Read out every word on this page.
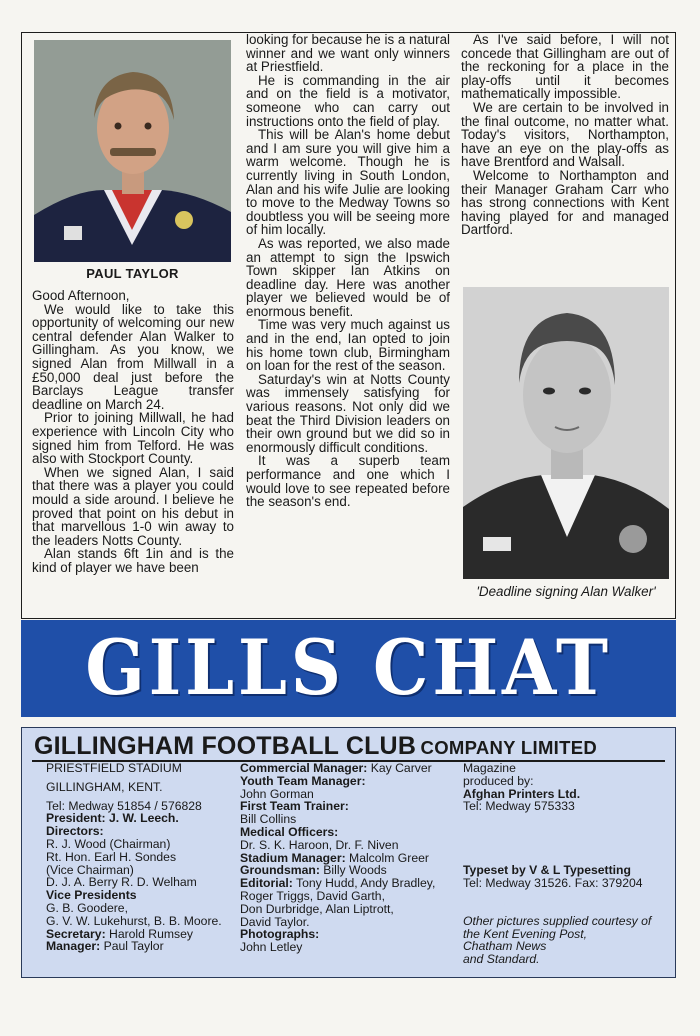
PAUL TAYLOR

Good Afternoon,

We would like to take this opportunity of welcoming our new central defender Alan Walker to Gillingham. As you know, we signed Alan from Millwall in a £50,000 deal just before the Barclays League transfer deadline on March 24.

Prior to joining Millwall, he had experience with Lincoln City who signed him from Telford. He was also with Stockport County.

When we signed Alan, I said that there was a player you could mould a side around. I believe he proved that point on his debut in that marvellous 1-0 win away to the leaders Notts County.

Alan stands 6ft 1in and is the kind of player we have been

looking for because he is a natural winner and we want only winners at Priestfield.

He is commanding in the air and on the field is a motivator, someone who can carry out instructions onto the field of play.

This will be Alan's home debut and I am sure you will give him a warm welcome. Though he is currently living in South London, Alan and his wife Julie are looking to move to the Medway Towns so doubtless you will be seeing more of him locally.

As was reported, we also made an attempt to sign the Ipswich Town skipper Ian Atkins on deadline day. Here was another player we believed would be of enormous benefit.

Time was very much against us and in the end, Ian opted to join his home town club, Birmingham on loan for the rest of the season.

Saturday's win at Notts County was immensely satisfying for various reasons. Not only did we beat the Third Division leaders on their own ground but we did so in enormously difficult conditions.

It was a superb team performance and one which I would love to see repeated before the season's end.

As I've said before, I will not concede that Gillingham are out of the reckoning for a place in the play-offs until it becomes mathematically impossible.

We are certain to be involved in the final outcome, no matter what. Today's visitors, Northampton, have an eye on the play-offs as have Brentford and Walsall.

Welcome to Northampton and their Manager Graham Carr who has strong connections with Kent having played for and managed Dartford.

'Deadline signing Alan Walker'
GILLS CHAT
GILLINGHAM FOOTBALL CLUB COMPANY LIMITED
PRIESTFIELD STADIUM
GILLINGHAM, KENT.
Tel: Medway 51854 / 576828
President: J. W. Leech.
Directors:
R. J. Wood (Chairman)
Rt. Hon. Earl H. Sondes
(Vice Chairman)
D. J. A. Berry R. D. Welham
Vice Presidents
G. B. Goodere,
G. V. W. Lukehurst, B. B. Moore.
Secretary: Harold Rumsey
Manager: Paul Taylor
Commercial Manager: Kay Carver
Youth Team Manager:
John Gorman
First Team Trainer:
Bill Collins
Medical Officers:
Dr. S. K. Haroon, Dr. F. Niven
Stadium Manager: Malcolm Greer
Groundsman: Billy Woods
Editorial: Tony Hudd, Andy Bradley,
Roger Triggs, David Garth,
Don Durbridge, Alan Liptrott,
David Taylor.
Photographs:
John Letley
Magazine
produced by:
Afghan Printers Ltd.
Tel: Medway 575333
Typeset by V & L Typesetting
Tel: Medway 31526. Fax: 379204
Other pictures supplied courtesy of
the Kent Evening Post,
Chatham News
and Standard.
